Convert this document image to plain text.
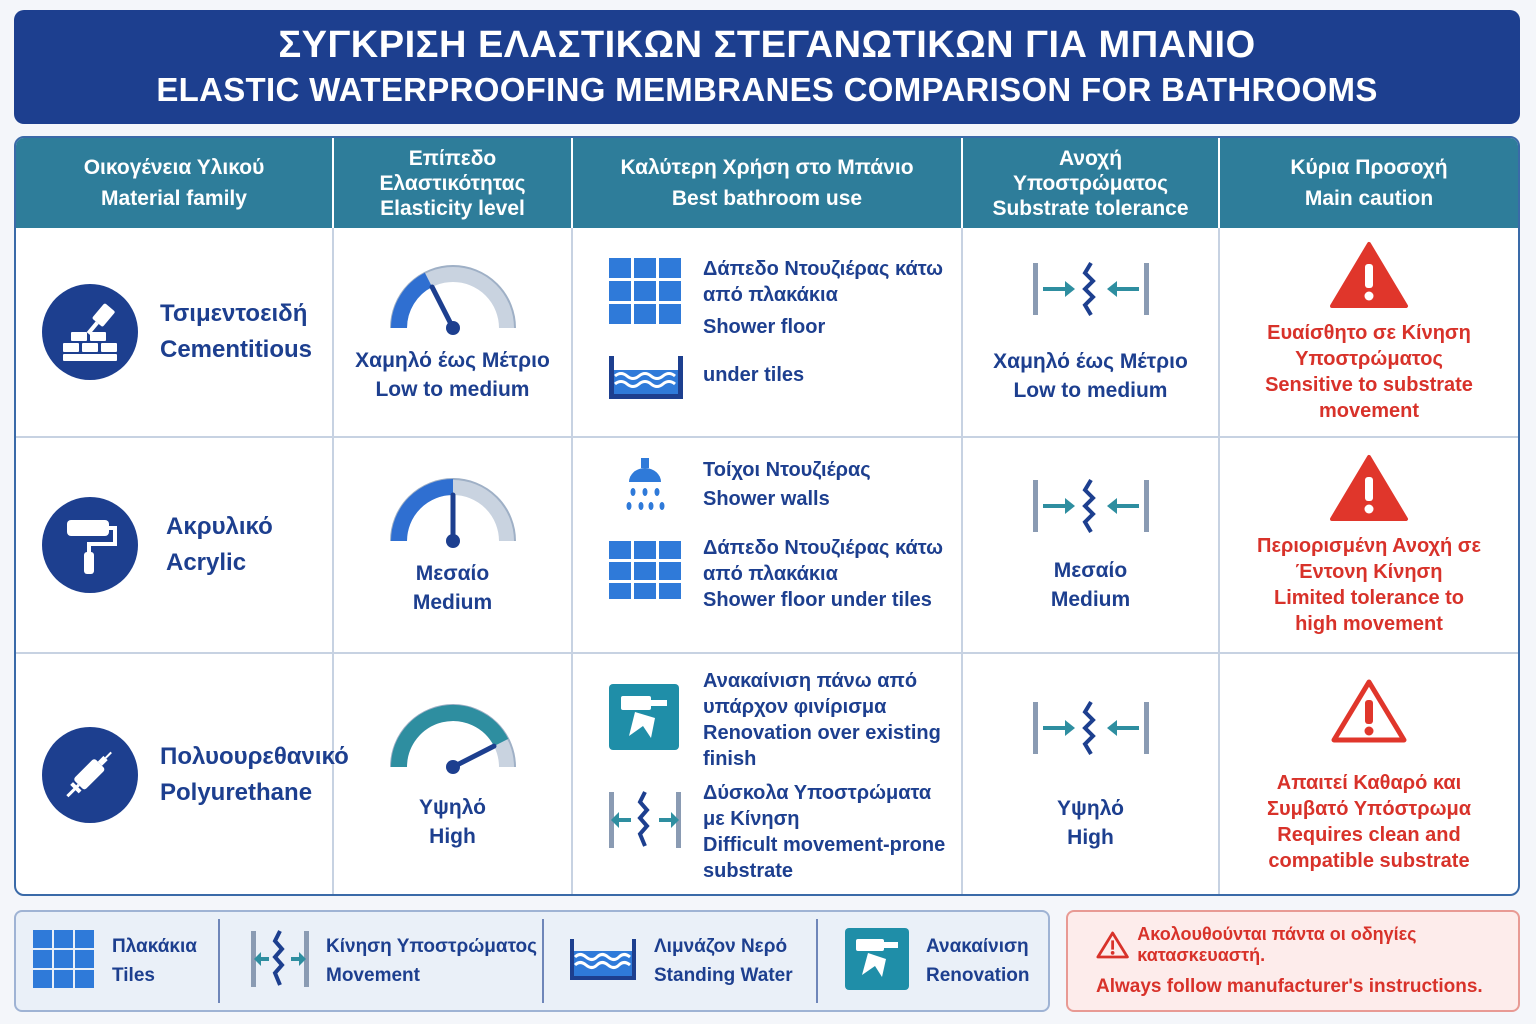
ΣΥΓΚΡΙΣΗ ΕΛΑΣΤΙΚΩΝ ΣΤΕΓΑΝΩΤΙΚΩΝ ΓΙΑ ΜΠΑΝΙΟ
ELASTIC WATERPROOFING MEMBRANES COMPARISON FOR BATHROOMS
Οικογένεια Υλικού
Material family
Επίπεδο Ελαστικότητας
Elasticity level
Καλύτερη Χρήση στο Μπάνιο
Best bathroom use
Ανοχή Υποστρώματος
Substrate tolerance
Κύρια Προσοχή
Main caution
Τσιμεντοειδή
Cementitious Χαμηλό έως Μέτριο
Low to medium
Δάπεδο Ντουζιέρας κάτω από πλακάκια
Shower floor
under tiles
Χαμηλό έως Μέτριο
Low to medium
Ευαίσθητο σε Κίνηση Υποστρώματος
Sensitive to substrate movement
Ακρυλικό
Acrylic	Μεσαίο
Medium
Τοίχοι Ντουζιέρας
Shower walls
Δάπεδο Ντουζιέρας κάτω από πλακάκια
Shower floor under tiles
Μεσαίο
Medium
Περιορισμένη Ανοχή σε Έντονη Κίνηση
Limited tolerance to high movement
Πολυουρεθανικό
Polyurethane
Υψηλό
High
Ανακαίνιση πάνω από υπάρχον φινίρισμα
Renovation over existing finish
Δύσκολα Υποστρώματα με Κίνηση
Difficult movement-prone substrate
Υψηλό
High
Απαιτεί Καθαρό και Συμβατό Υπόστρωμα
Requires clean and compatible substrate
Πλακάκια
Tiles
Κίνηση Υποστρώματος
Movement
Λιμνάζον Νερό
Standing Water
Ανακαίνιση
Renovation
Ακολουθούνται πάντα οι οδηγίες κατασκευαστή.
Always follow manufacturer's instructions.
